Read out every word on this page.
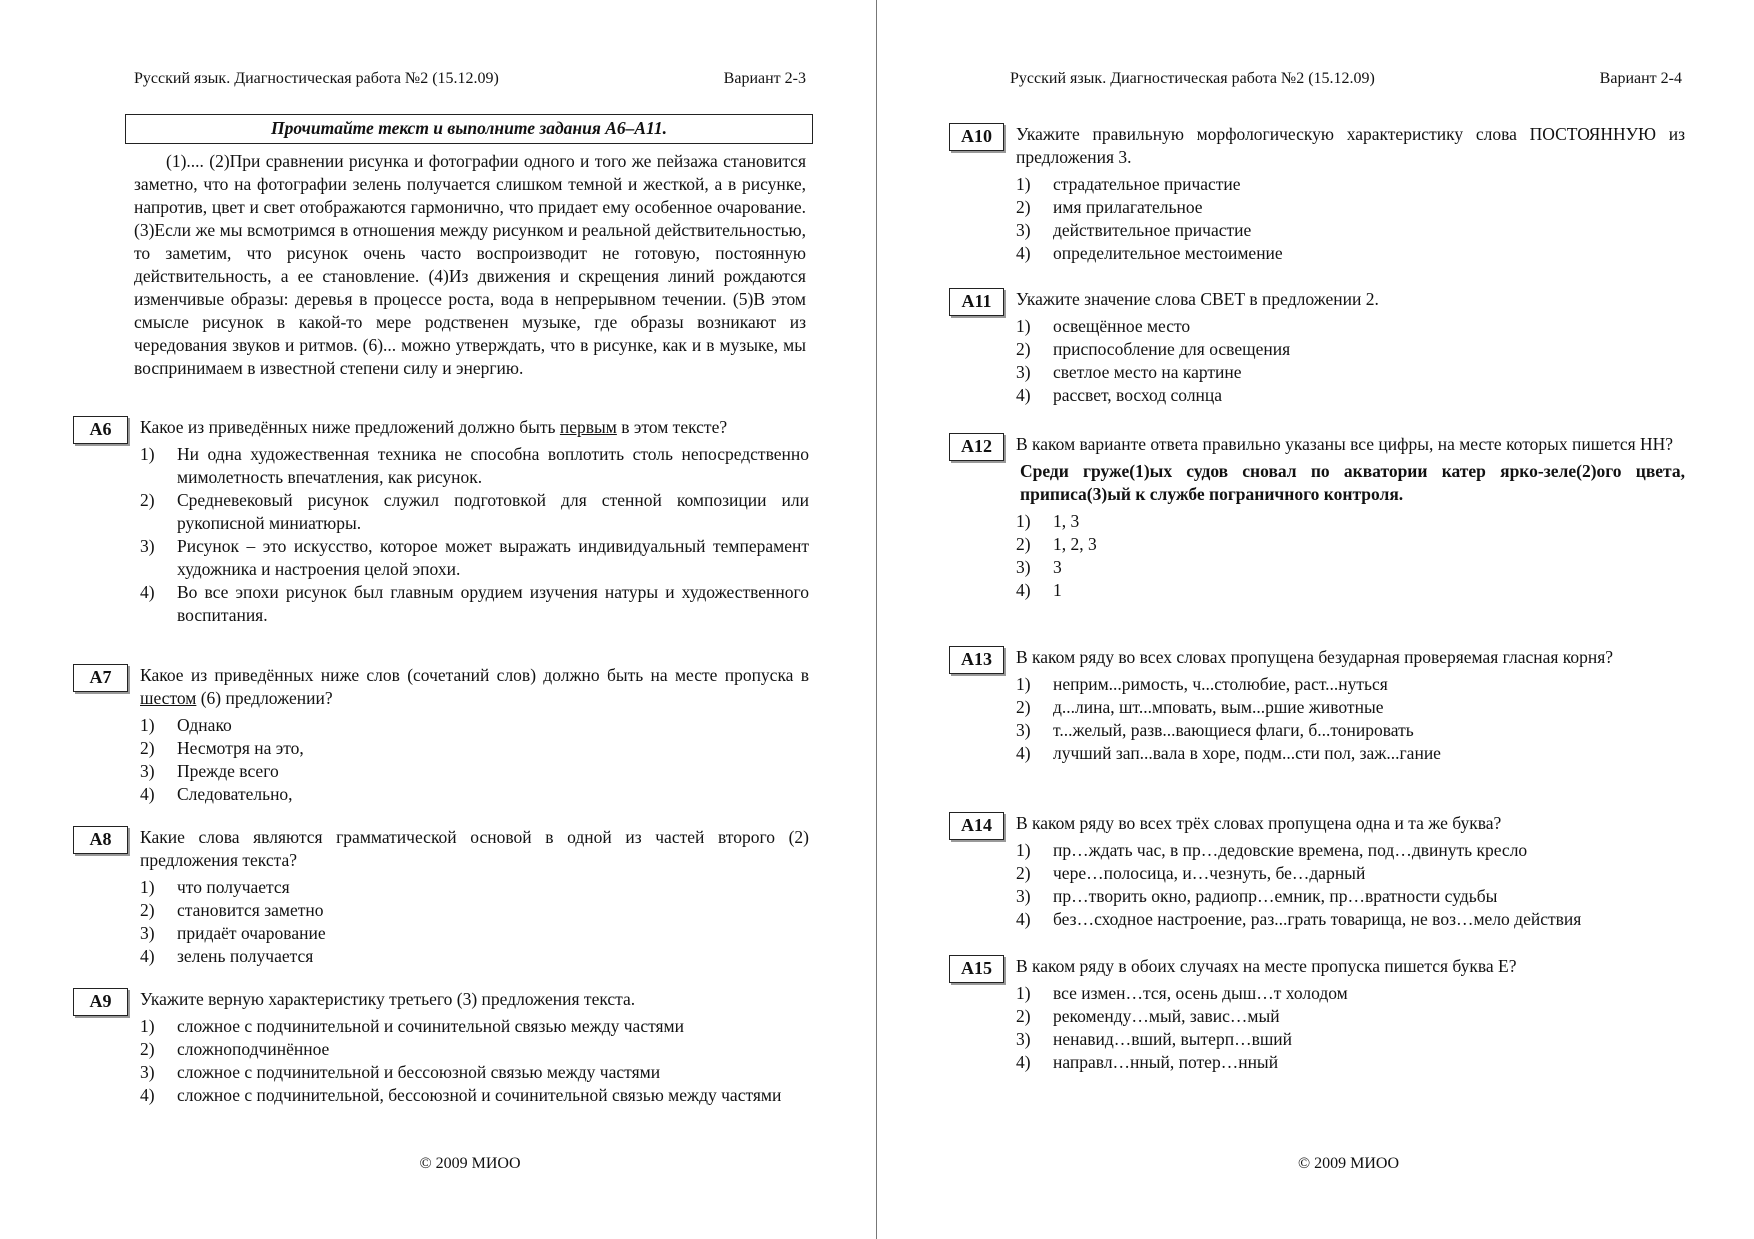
Русский язык. Диагностическая работа №2 (15.12.09)	Вариант 2-3
Прочитайте текст и выполните задания А6–А11.

(1).... (2)При сравнении рисунка и фотографии одного и того же пейзажа становится заметно, что на фотографии зелень получается слишком темной и жесткой, а в рисунке, напротив, цвет и свет отображаются гармонично, что придает ему особенное очарование. (3)Если же мы всмотримся в отношения между рисунком и реальной действительностью, то заметим, что рисунок очень часто воспроизводит не готовую, постоянную действительность, а ее становление. (4)Из движения и скрещения линий рождаются изменчивые образы: деревья в процессе роста, вода в непрерывном течении. (5)В этом смысле рисунок в какой-то мере родственен музыке, где образы возникают из чередования звуков и ритмов. (6)... можно утверждать, что в рисунке, как и в музыке, мы воспринимаем в известной степени силу и энергию.

А6	Какое из приведённых ниже предложений должно быть первым в этом тексте?

1)	Ни одна художественная техника не способна воплотить столь непосредственно мимолетность впечатления, как рисунок.
2)	Средневековый рисунок служил подготовкой для стенной композиции или рукописной миниатюры.
3)	Рисунок – это искусство, которое может выражать индивидуальный темперамент художника и настроения целой эпохи.
4)	Во все эпохи рисунок был главным орудием изучения натуры и художественного воспитания.
А7	Какое из приведённых ниже слов (сочетаний слов) должно быть на месте пропуска в шестом (6) предложении?

1)	Однако
2)	Несмотря на это,
3)	Прежде всего
4)	Следовательно,
А8	Какие слова являются грамматической основой в одной из частей второго (2) предложения текста?

1)	что получается
2)	становится заметно
3)	придаёт очарование
4)	зелень получается
А9	Укажите верную характеристику третьего (3) предложения текста.

1)	сложное с подчинительной и сочинительной связью между частями
2)	сложноподчинённое
3)	сложное с подчинительной и бессоюзной связью между частями
4)	сложное с подчинительной, бессоюзной и сочинительной связью между частями
© 2009 МИОО
Русский язык. Диагностическая работа №2 (15.12.09)	Вариант 2-4
А10	Укажите правильную морфологическую характеристику слова ПОСТОЯННУЮ из предложения 3.

1)	страдательное причастие
2)	имя прилагательное
3)	действительное причастие
4)	определительное местоимение
А11	Укажите значение слова СВЕТ в предложении 2.

1)	освещённое место
2)	приспособление для освещения
3)	светлое место на картине
4)	рассвет, восход солнца
А12	В каком варианте ответа правильно указаны все цифры, на месте которых пишется НН?

Среди груже(1)ых судов сновал по акватории катер ярко-зеле(2)ого цвета, приписа(3)ый к службе пограничного контроля.

1)	1, 3
2)	1, 2, 3
3)	3
4)	1
А13	В каком ряду во всех словах пропущена безударная проверяемая гласная корня?

1)	неприм...римость, ч...столюбие, раст...нуться
2)	д...лина, шт...мповать, вым...ршие животные
3)	т...желый, разв...вающиеся флаги, б...тонировать
4)	лучший зап...вала в хоре, подм...сти пол, заж...гание
А14	В каком ряду во всех трёх словах пропущена одна и та же буква?

1)	пр…ждать час, в пр…дедовские времена, под…двинуть кресло
2)	чере…полосица, и…чезнуть, бе…дарный
3)	пр…творить окно, радиопр…емник, пр…вратности судьбы
4)	без…сходное настроение, раз...грать товарища, не воз…мело действия
А15	В каком ряду в обоих случаях на месте пропуска пишется буква Е?

1)	все измен…тся, осень дыш…т холодом
2)	рекоменду…мый, завис…мый
3)	ненавид…вший, вытерп…вший
4)	направл…нный, потер…нный
© 2009 МИОО
